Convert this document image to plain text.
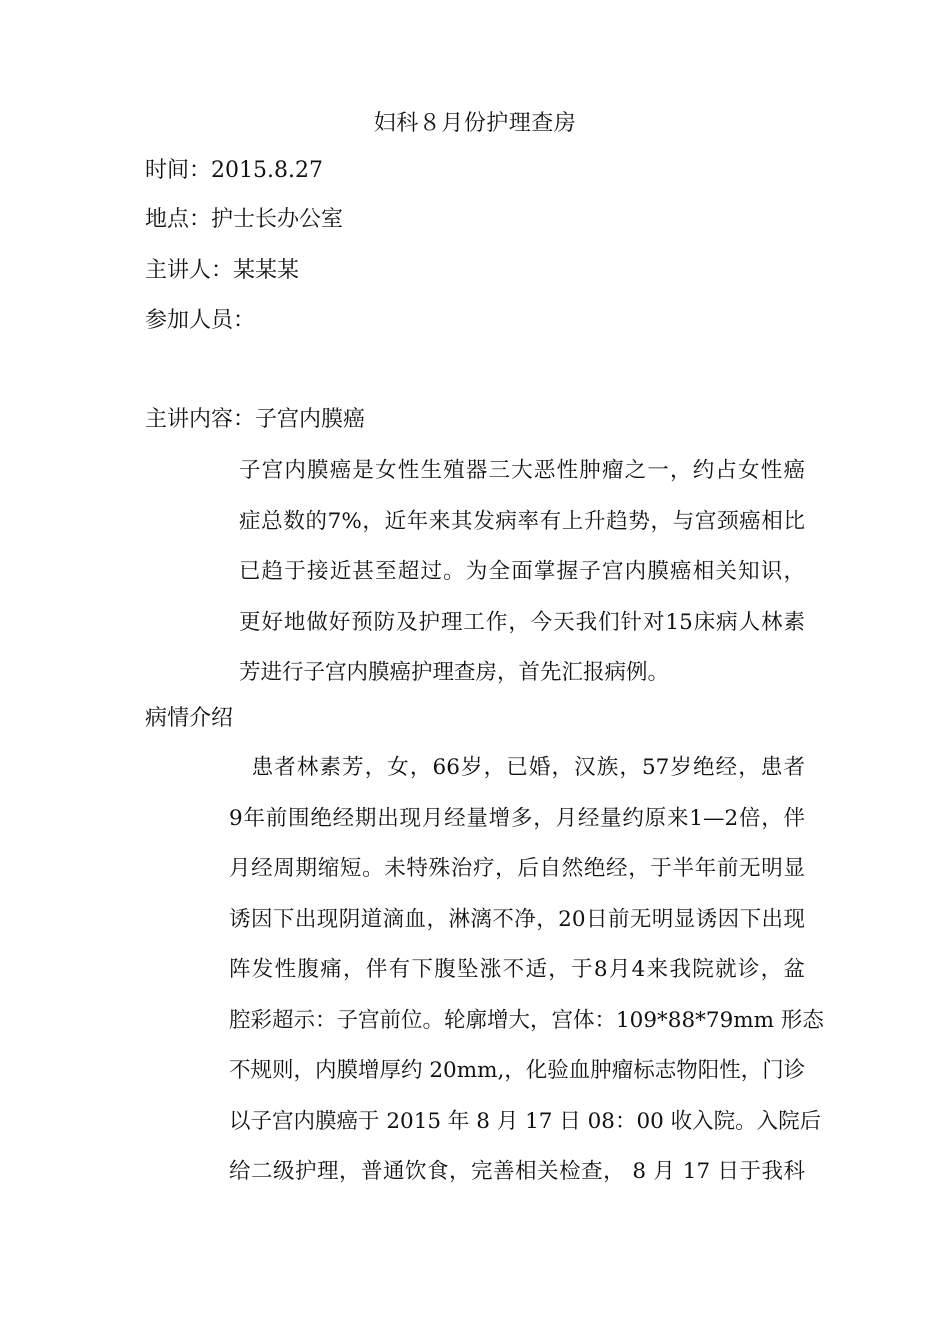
妇科８月份护理查房
时间：2015.8.27
地点：护士长办公室
主讲人：某某某
参加人员：
主讲内容：子宫内膜癌
子宫内膜癌是女性生殖器三大恶性肿瘤之一，约占女性癌
症总数的7%，近年来其发病率有上升趋势，与宫颈癌相比
已趋于接近甚至超过。为全面掌握子宫内膜癌相关知识，
更好地做好预防及护理工作，今天我们针对15床病人林素
芳进行子宫内膜癌护理查房，首先汇报病例。
病情介绍
　患者林素芳，女，66岁，已婚，汉族，57岁绝经，患者
9年前围绝经期出现月经量增多，月经量约原来1—2倍，伴
月经周期缩短。未特殊治疗，后自然绝经，于半年前无明显
诱因下出现阴道滴血，淋漓不净，20日前无明显诱因下出现
阵发性腹痛，伴有下腹坠涨不适，于8月4来我院就诊，盆
腔彩超示：子宫前位。轮廓增大，宫体：109*88*79mm 形态
不规则，内膜增厚约 20mm,，化验血肿瘤标志物阳性，门诊
以子宫内膜癌于 2015 年 8 月 17 日 08：00 收入院。入院后
给二级护理，普通饮食，完善相关检查， 8 月 17 日于我科
